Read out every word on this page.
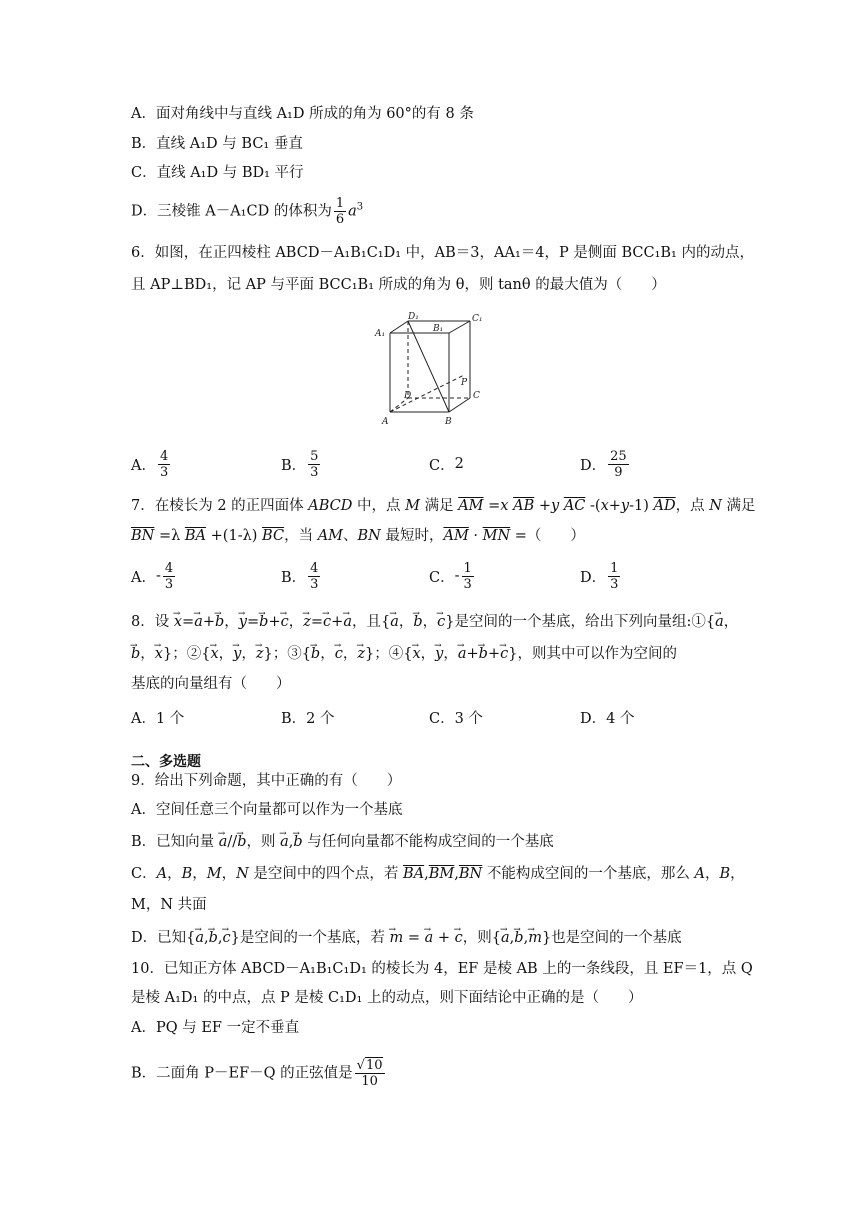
A．面对角线中与直线 A₁D 所成的角为 60°的有 8 条
B．直线 A₁D 与 BC₁ 垂直
C．直线 A₁D 与 BD₁ 平行
D．三棱锥 A－A₁CD 的体积为 $\frac{1}{6} a^3$
6．如图，在正四棱柱 ABCD－A₁B₁C₁D₁ 中，AB＝3，AA₁＝4，P 是侧面 BCC₁B₁ 内的动点，
且 AP⊥BD₁，记 AP 与平面 BCC₁B₁ 所成的角为 θ，则 tanθ 的最大值为（　　）
D₁	C₁
A₁	B₁
D	C
A	B
P
A． $\frac{4}{3}$	B． $\frac{5}{3}$	C． 2	D． $\frac{25}{9}$
7．在棱长为 2 的正四面体 ABCD 中，点 M 满足 $\overline{AM} =x$ $\overline{AB} +y$ $\overline{AC}$ -(x+y-1) $\overline{AD}$，点 N 满足
$\overline{BN} =\lambda$ $\overline{BA} +(1-\lambda)$ $\overline{BC}$，当 AM、BN 最短时，$\overline{AM} \cdot \overline{MN}$ =（　　）
A． - $\frac{4}{3}$	B． $\frac{4}{3}$	C． - $\frac{1}{3}$	D． $\frac{1}{3}$
8．设 → x=→ a+→ b，→ y=→ b+→ c，→ z=→ c+→ a，且{→ a，→ b，→ c}是空间的一个基底，给出下列向量组:①{→ a，
→ b，→ x}；②{→ x，→ y，→ z}；③{→ b，→ c，→ z}；④{→ x，→ y，→ a+→ b+→ c}，则其中可以作为空间的
基底的向量组有（　　）
A．1 个	B．2 个	C．3 个	D．4 个
二、多选题
9．给出下列命题，其中正确的有（　　）
A．空间任意三个向量都可以作为一个基底
B．已知向量 → a//→ b，则 → a,→ b 与任何向量都不能构成空间的一个基底
C．A，B，M，N 是空间中的四个点，若 $\overline{BA},\overline{BM},\overline{BN}$ 不能构成空间的一个基底，那么 A，B，
M，N 共面
D．已知{→ a,→ b,→ c}是空间的一个基底，若 → m = → a + → c，则{→ a,→ b,→ m}也是空间的一个基底
10．已知正方体 ABCD－A₁B₁C₁D₁ 的棱长为 4，EF 是棱 AB 上的一条线段，且 EF＝1，点 Q
是棱 A₁D₁ 的中点，点 P 是棱 C₁D₁ 上的动点，则下面结论中正确的是（　　）
A．PQ 与 EF 一定不垂直
B．二面角 P－EF－Q 的正弦值是 $\frac{√10}{10}$
